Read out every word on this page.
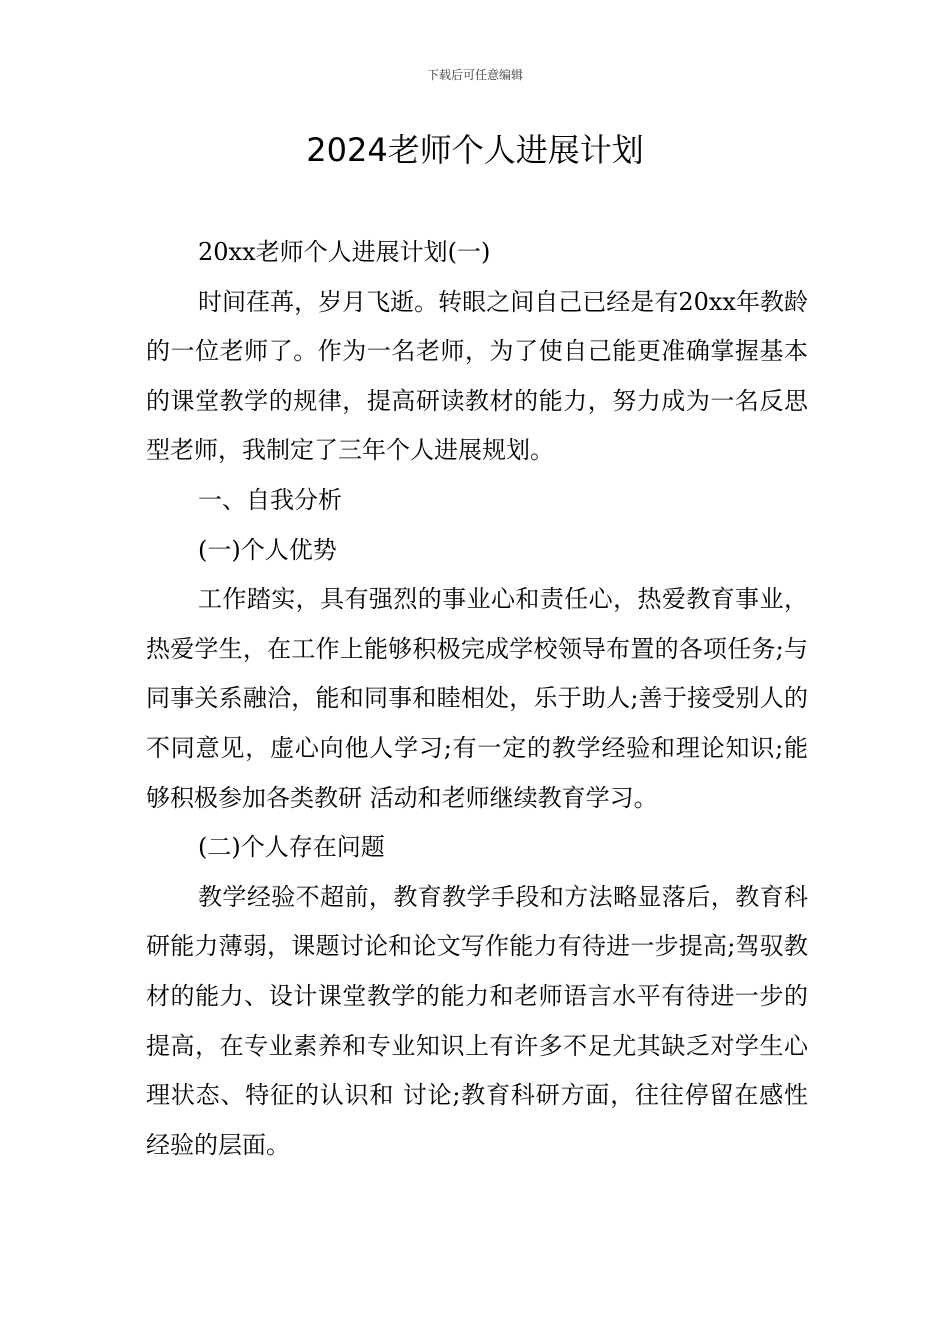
下载后可任意编辑
2024老师个人进展计划

20xx老师个人进展计划(一)

时间荏苒，岁月飞逝。转眼之间自己已经是有20xx年教龄的一位老师了。作为一名老师，为了使自己能更准确掌握基本的课堂教学的规律，提高研读教材的能力，努力成为一名反思型老师，我制定了三年个人进展规划。

一、自我分析

(一)个人优势

工作踏实，具有强烈的事业心和责任心，热爱教育事业，热爱学生，在工作上能够积极完成学校领导布置的各项任务;与同事关系融洽，能和同事和睦相处，乐于助人;善于接受别人的不同意见，虚心向他人学习;有一定的教学经验和理论知识;能够积极参加各类教研 活动和老师继续教育学习。

(二)个人存在问题

教学经验不超前，教育教学手段和方法略显落后，教育科研能力薄弱，课题讨论和论文写作能力有待进一步提高;驾驭教材的能力、设计课堂教学的能力和老师语言水平有待进一步的提高，在专业素养和专业知识上有许多不足尤其缺乏对学生心理状态、特征的认识和 讨论;教育科研方面，往往停留在感性经验的层面。
